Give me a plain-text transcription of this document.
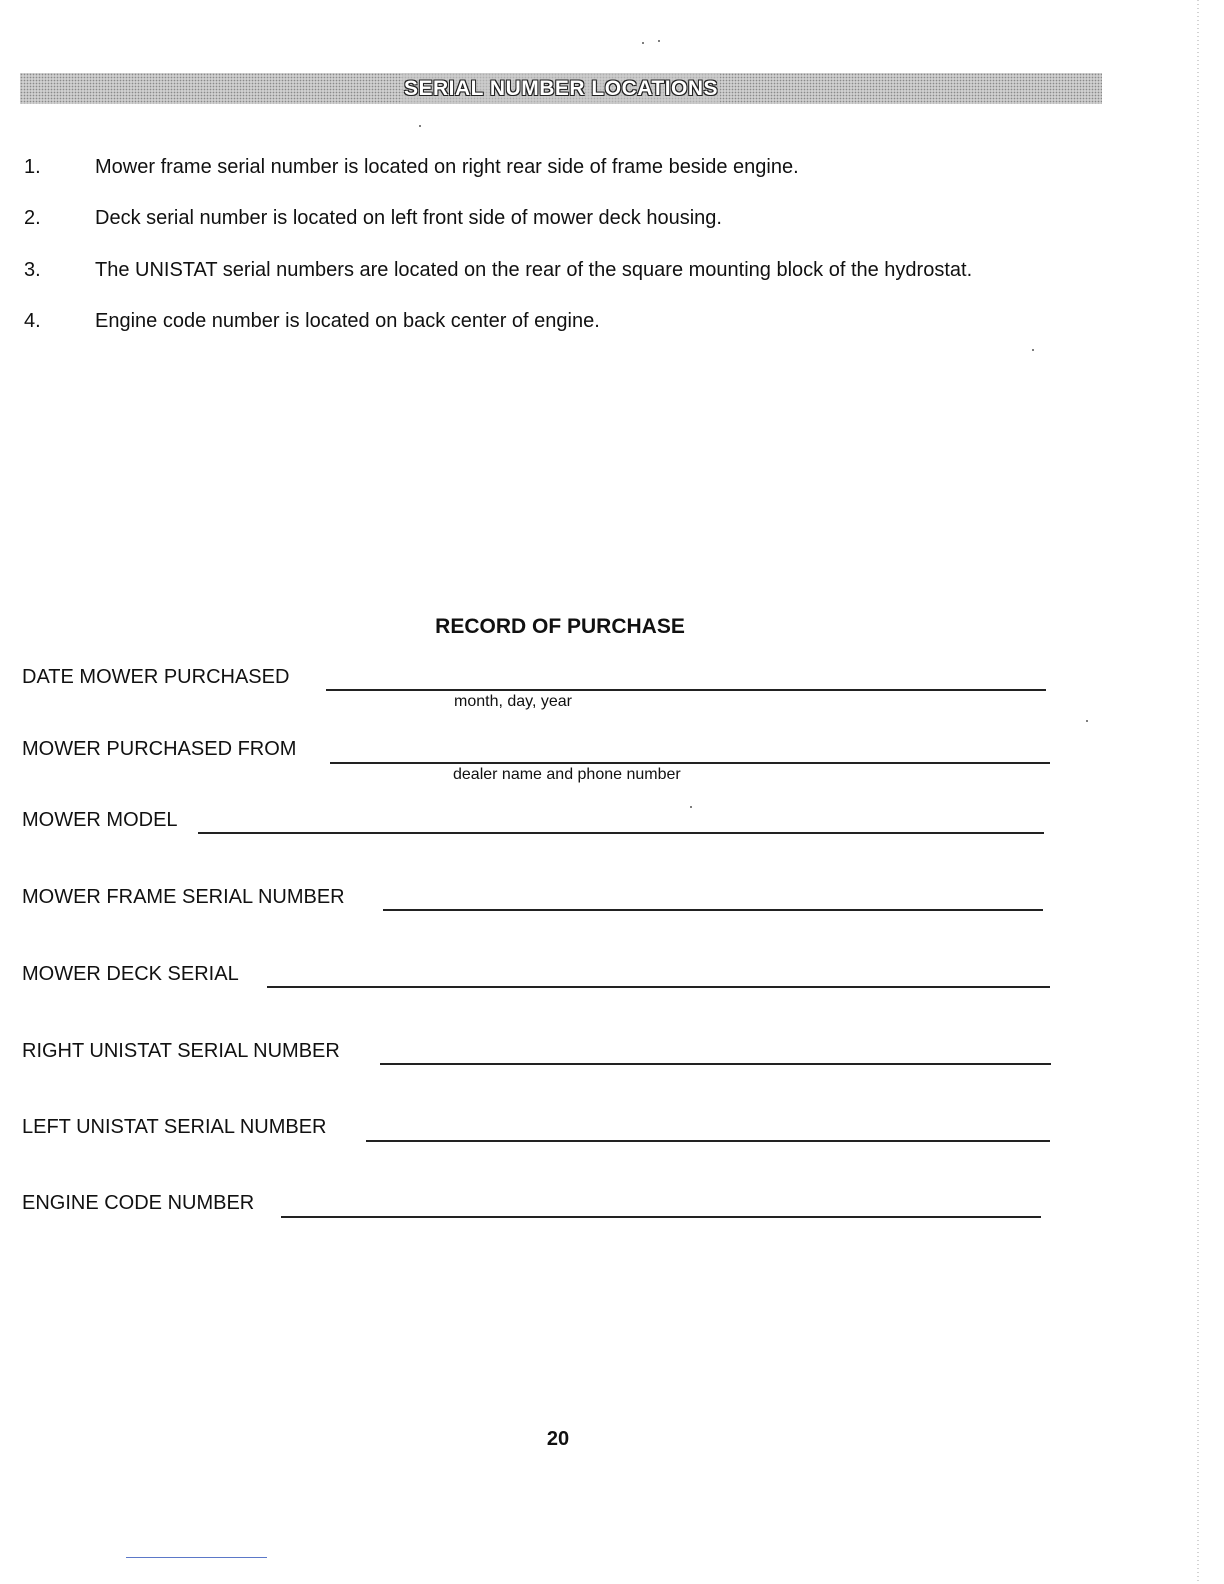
SERIAL NUMBER LOCATIONS
1.	Mower frame serial number is located on right rear side of frame beside engine.
2.	Deck serial number is located on left front side of mower deck housing.
3.	The UNISTAT serial numbers are located on the rear of the square mounting block of the hydrostat.
4.	Engine code number is located on back center of engine.
RECORD OF PURCHASE
DATE MOWER PURCHASED
month, day, year
MOWER PURCHASED FROM
dealer name and phone number
MOWER MODEL
MOWER FRAME SERIAL NUMBER
MOWER DECK SERIAL
RIGHT UNISTAT SERIAL NUMBER
LEFT UNISTAT SERIAL NUMBER
ENGINE CODE NUMBER
20
